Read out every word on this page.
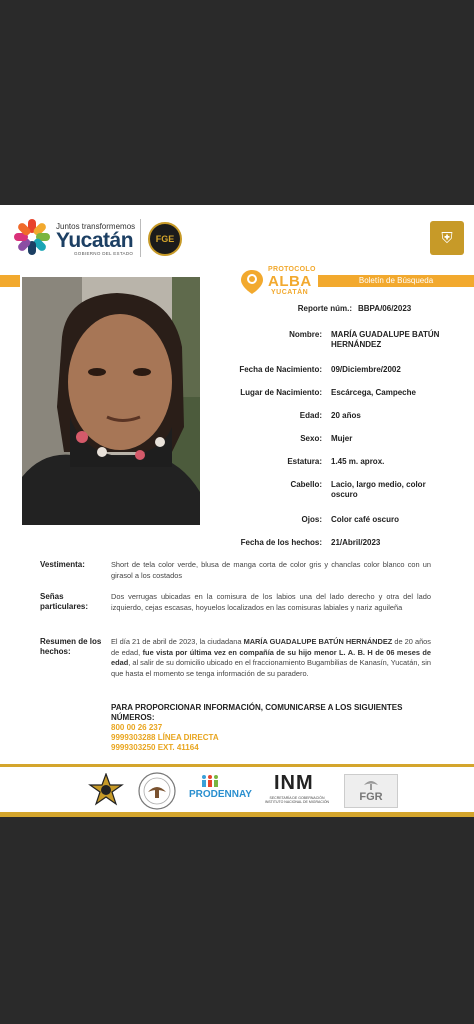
Juntos transformemos
Yucatán
GOBIERNO DEL ESTADO
FGE	⛨
Boletín de Búsqueda
PROTOCOLO
ALBA
YUCATÁN
Reporte núm.: BBPA/06/2023
Nombre: MARÍA GUADALUPE BATÚN HERNÁNDEZ
Fecha de Nacimiento: 09/Diciembre/2002
Lugar de Nacimiento: Escárcega, Campeche
Edad: 20 años
Sexo: Mujer
Estatura: 1.45 m. aprox.
Cabello: Lacio, largo medio, color oscuro
Ojos: Color café oscuro
Fecha de los hechos: 21/Abril/2023
Vestimenta:	Short de tela color verde, blusa de manga corta de color gris y chanclas color blanco con un girasol a los costados
Señas particulares:
Dos verrugas ubicadas en la comisura de los labios una del lado derecho y otra del lado izquierdo, cejas escasas, hoyuelos localizados en las comisuras labiales y nariz aguileña
Resumen de los hechos:
El día 21 de abril de 2023, la ciudadana MARÍA GUADALUPE BATÚN HERNÁNDEZ de 20 años de edad, fue vista por última vez en compañía de su hijo menor L. A. B. H de 06 meses de edad, al salir de su domicilio ubicado en el fraccionamiento Bugambilias de Kanasín, Yucatán, sin que hasta el momento se tenga información de su paradero.
PARA PROPORCIONAR INFORMACIÓN, COMUNICARSE A LOS SIGUIENTES NÚMEROS:
800 00 26 237
9999303288 LÍNEA DIRECTA
9999303250 EXT. 41164
PRODENNAY
INM
SECRETARÍA DE GOBERNACIÓN
INSTITUTO NACIONAL DE MIGRACIÓN	FGR
